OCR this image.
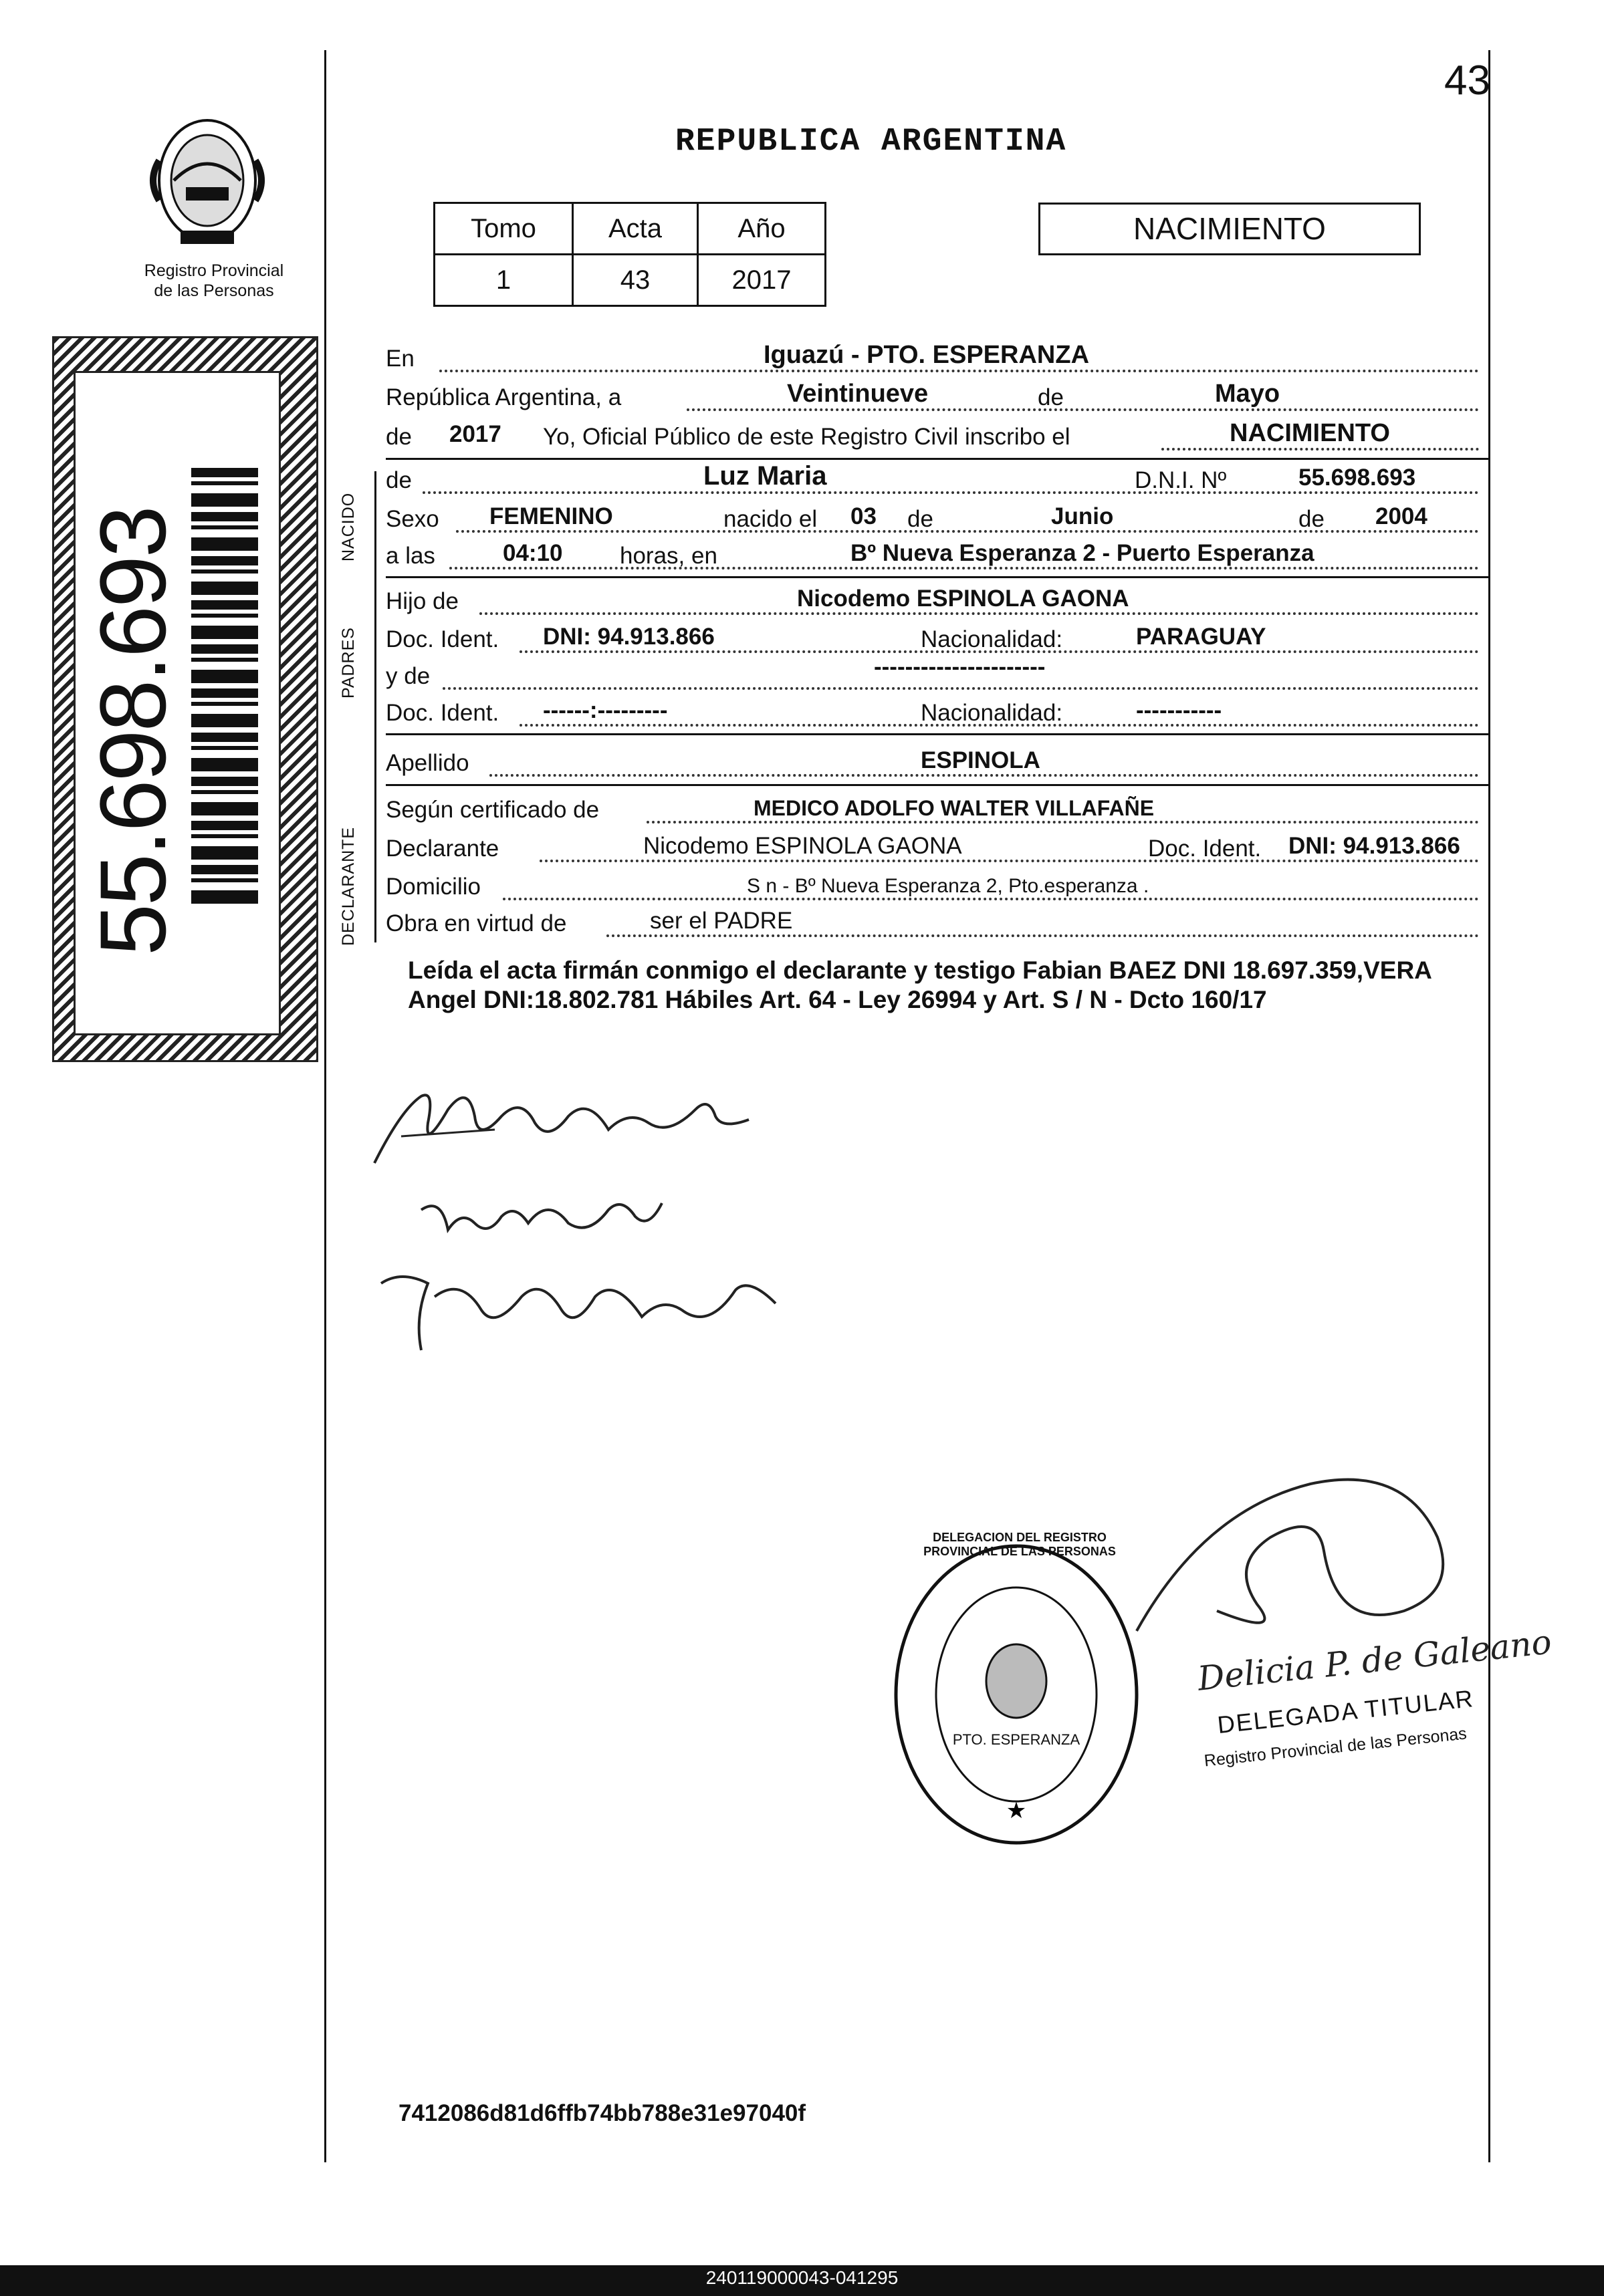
43
REPUBLICA ARGENTINA
Registro Provincial
de las Personas
Tomo	Acta	Año
1	43	2017
NACIMIENTO
55.698.693
En	Iguazú - PTO. ESPERANZA
República Argentina, a	Veintinueve	de	Mayo
de 2017 Yo, Oficial Público de este Registro Civil inscribo el	NACIMIENTO
NACIDO
de	Luz Maria	D.N.I. Nº	55.698.693
Sexo FEMENINO	nacido el 03 de	Junio	de 2004
a las	04:10 horas, en	Bº Nueva Esperanza 2 - Puerto Esperanza
PADRES
Hijo de	Nicodemo ESPINOLA GAONA
Doc. Ident. DNI: 94.913.866	Nacionalidad:	PARAGUAY
y de	----------------------
Doc. Ident. ------:---------	Nacionalidad:	-----------
Apellido	ESPINOLA
DECLARANTE
Según certificado de	MEDICO ADOLFO WALTER VILLAFAÑE
Declarante	Nicodemo ESPINOLA GAONA	Doc. Ident. DNI: 94.913.866
Domicilio	S n - Bº Nueva Esperanza 2, Pto.esperanza .
Obra en virtud de	ser el PADRE
Leída el acta firmán conmigo el declarante y testigo Fabian BAEZ DNI 18.697.359,VERA Angel DNI:18.802.781 Hábiles Art. 64 - Ley 26994 y Art. S / N - Dcto 160/17
★
DELEGACION DEL REGISTRO PROVINCIAL DE LAS PERSONAS
PTO. ESPERANZA
Delicia P. de Galeano
DELEGADA TITULAR
Registro Provincial de las Personas
7412086d81d6ffb74bb788e31e97040f
240119000043-041295
